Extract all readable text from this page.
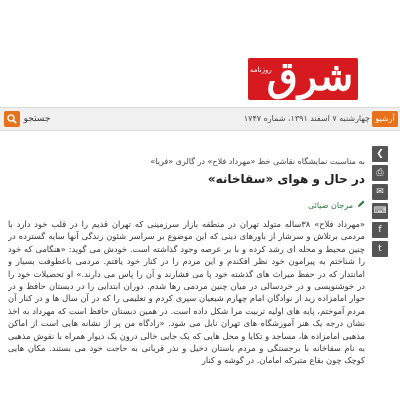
شرق
روزنامه
جستجو	چهارشنبه ۷ اسفند ۱۳۹۱، شماره ۱۷۴۷ آرشیو
❮
⎙
✉
⌨
f
t
به مناسبت نمایشگاه نقاشی خط «مهرداد فلاح» در گالری «فریا»
در حال و هوای «سقاخانه»
مرجان ضیائی
«مهرداد فلاح» ۳۸ساله متولد تهران در منطقه بازار سرزمینی که تهران قدیم را در قلب خود دارد با مردمی برتلاش و سرشار از باورهای دینی که این موضوع بر سراسر شئون زندگی آنها سایه گسترده در چنین محیط و محله ای رشد کرده و با بر عرصه وجود گذاشته است. خودش می گوید: «هنگامی که خود را شناختم به پیرامون خود نظر افکندم و این مردم را در کنار خود یافتم. مردمی باعطوفت بسیار و امانتدار که در حفظ میراث های گذشته خود پا می فشارند و آن را پاس می دارند.» او تحصیلات خود را در خوشنویسی و در خردسالی در میان چنین مردمی رها شدم. دوران ابتدایی را در دبستان حافظ و در حوار امامزاده زید از نوادگان امام چهارم شیعیان سپری کردم و تعلیمی را که در آن سال ها و در کنار آن مردم آموختم، پایه های اولیه تربیت مرا شکل داده است. در همین دبستان حافظ است که مهرداد به اخذ نشان درجه یک هنر آموزشگاه های تهران نایل می شود. «زادگاه من پر از نشانه هایی است از اماکن مذهبی امامزاده ها، مساجد و تکایا و محل هایی که یک جایی خالی درون یک دیوار همراه با نقوش مذهبی به نام سقاخانه با برجستگی و مردم باستان دخیل و نذر قربانی به حاجت خود می بستند. مکان هایی کوچک چون بقاع متبرکه امامان. در گوشه و کنار
